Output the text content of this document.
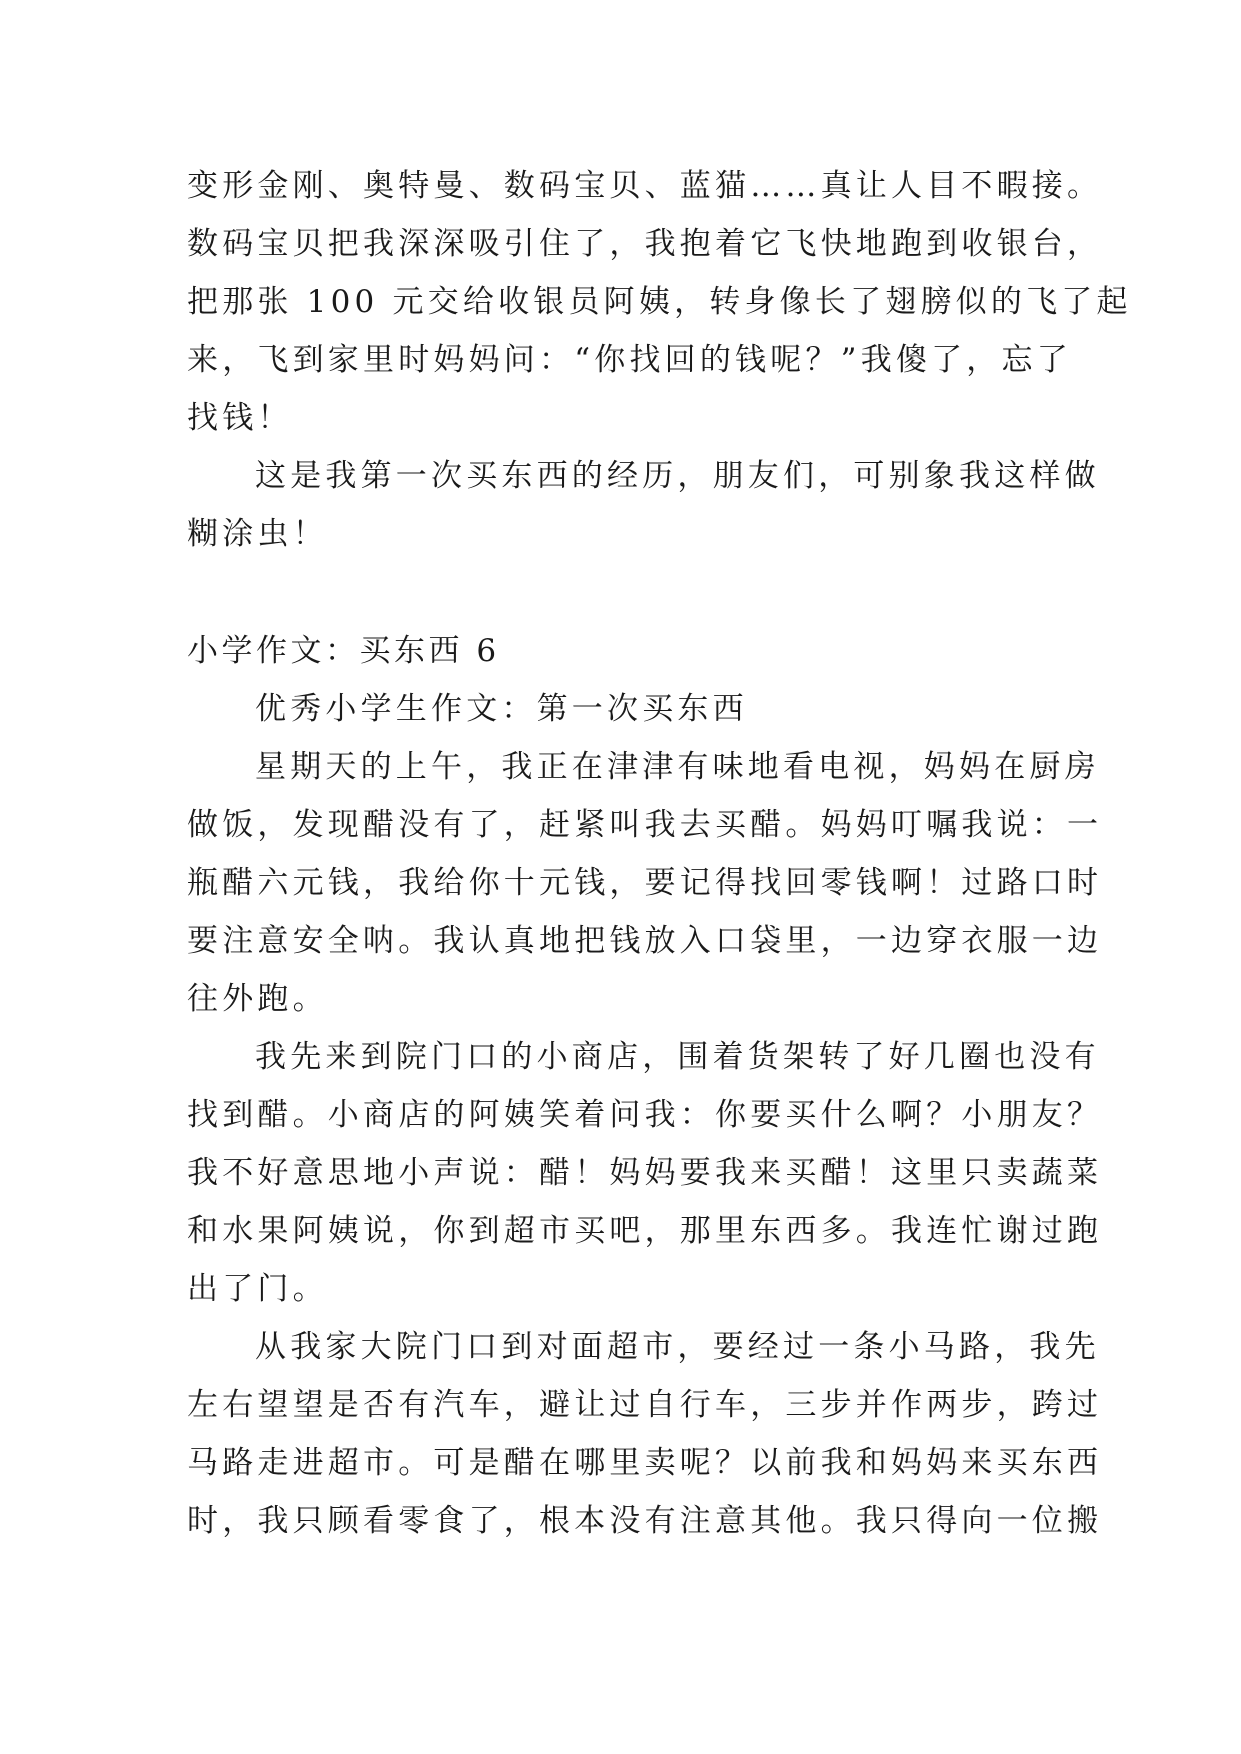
变形金刚、奥特曼、数码宝贝、蓝猫……真让人目不暇接。
数码宝贝把我深深吸引住了，我抱着它飞快地跑到收银台，
把那张 100 元交给收银员阿姨，转身像长了翅膀似的飞了起
来，飞到家里时妈妈问：“你找回的钱呢？”我傻了，忘了
找钱！
这是我第一次买东西的经历，朋友们，可别象我这样做
糊涂虫！
小学作文：买东西 6
优秀小学生作文：第一次买东西
星期天的上午，我正在津津有味地看电视，妈妈在厨房
做饭，发现醋没有了，赶紧叫我去买醋。妈妈叮嘱我说：一
瓶醋六元钱，我给你十元钱，要记得找回零钱啊！过路口时
要注意安全呐。我认真地把钱放入口袋里，一边穿衣服一边
往外跑。
我先来到院门口的小商店，围着货架转了好几圈也没有
找到醋。小商店的阿姨笑着问我：你要买什么啊？小朋友？
我不好意思地小声说：醋！妈妈要我来买醋！这里只卖蔬菜
和水果阿姨说，你到超市买吧，那里东西多。我连忙谢过跑
出了门。
从我家大院门口到对面超市，要经过一条小马路，我先
左右望望是否有汽车，避让过自行车，三步并作两步，跨过
马路走进超市。可是醋在哪里卖呢？以前我和妈妈来买东西
时，我只顾看零食了，根本没有注意其他。我只得向一位搬
